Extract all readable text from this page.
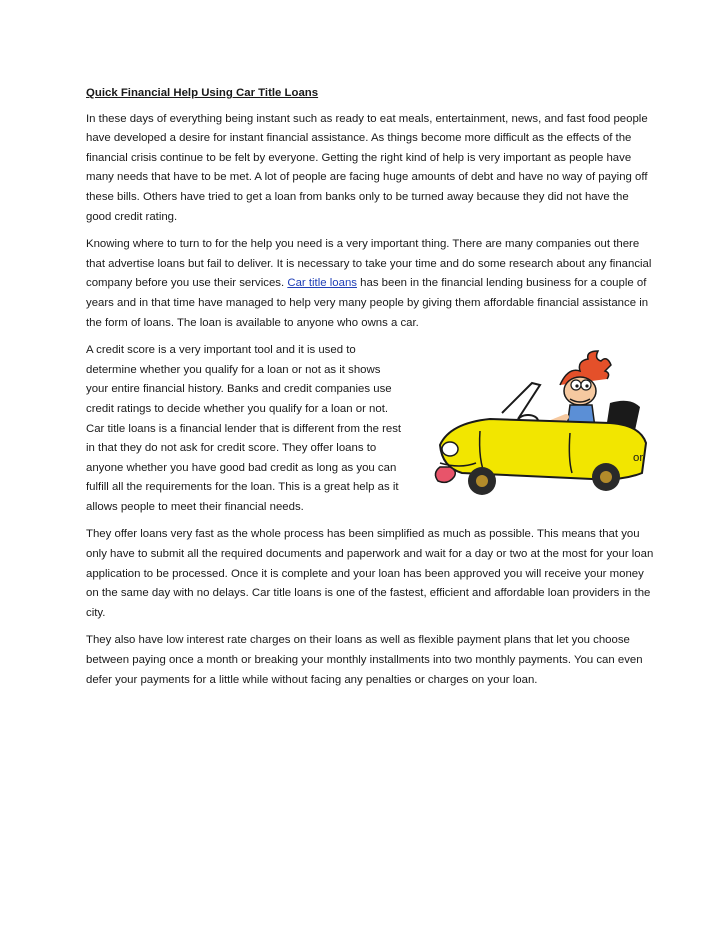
Quick Financial Help Using Car Title Loans

In these days of everything being instant such as ready to eat meals, entertainment, news, and fast food people have developed a desire for instant financial assistance. As things become more difficult as the effects of the financial crisis continue to be felt by everyone. Getting the right kind of help is very important as people have many needs that have to be met. A lot of people are facing huge amounts of debt and have no way of paying off these bills. Others have tried to get a loan from banks only to be turned away because they did not have the good credit rating.

Knowing where to turn to for the help you need is a very important thing. There are many companies out there that advertise loans but fail to deliver. It is necessary to take your time and do some research about any financial company before you use their services. Car title loans has been in the financial lending business for a couple of years and in that time have managed to help very many people by giving them affordable financial assistance in the form of loans. The loan is available to anyone who owns a car.

A credit score is a very important tool and it is used to determine whether you qualify for a loan or not as it shows your entire financial history. Banks and credit companies use credit ratings to decide whether you qualify for a loan or not. Car title loans is a financial lender that is different from the rest in that they do not ask for credit score. They offer loans to anyone whether you have good bad credit as long as you can fulfill all the requirements for the loan. This is a great help as it allows people to meet their financial needs.

They offer loans very fast as the whole process has been simplified as much as possible. This means that you only have to submit all the required documents and paperwork and wait for a day or two at the most for your loan application to be processed. Once it is complete and your loan has been approved you will receive your money on the same day with no delays. Car title loans is one of the fastest, efficient and affordable loan providers in the city.

They also have low interest rate charges on their loans as well as flexible payment plans that let you choose between paying once a month or breaking your monthly installments into two monthly payments. You can even defer your payments for a little while without facing any penalties or charges on your loan.

or
